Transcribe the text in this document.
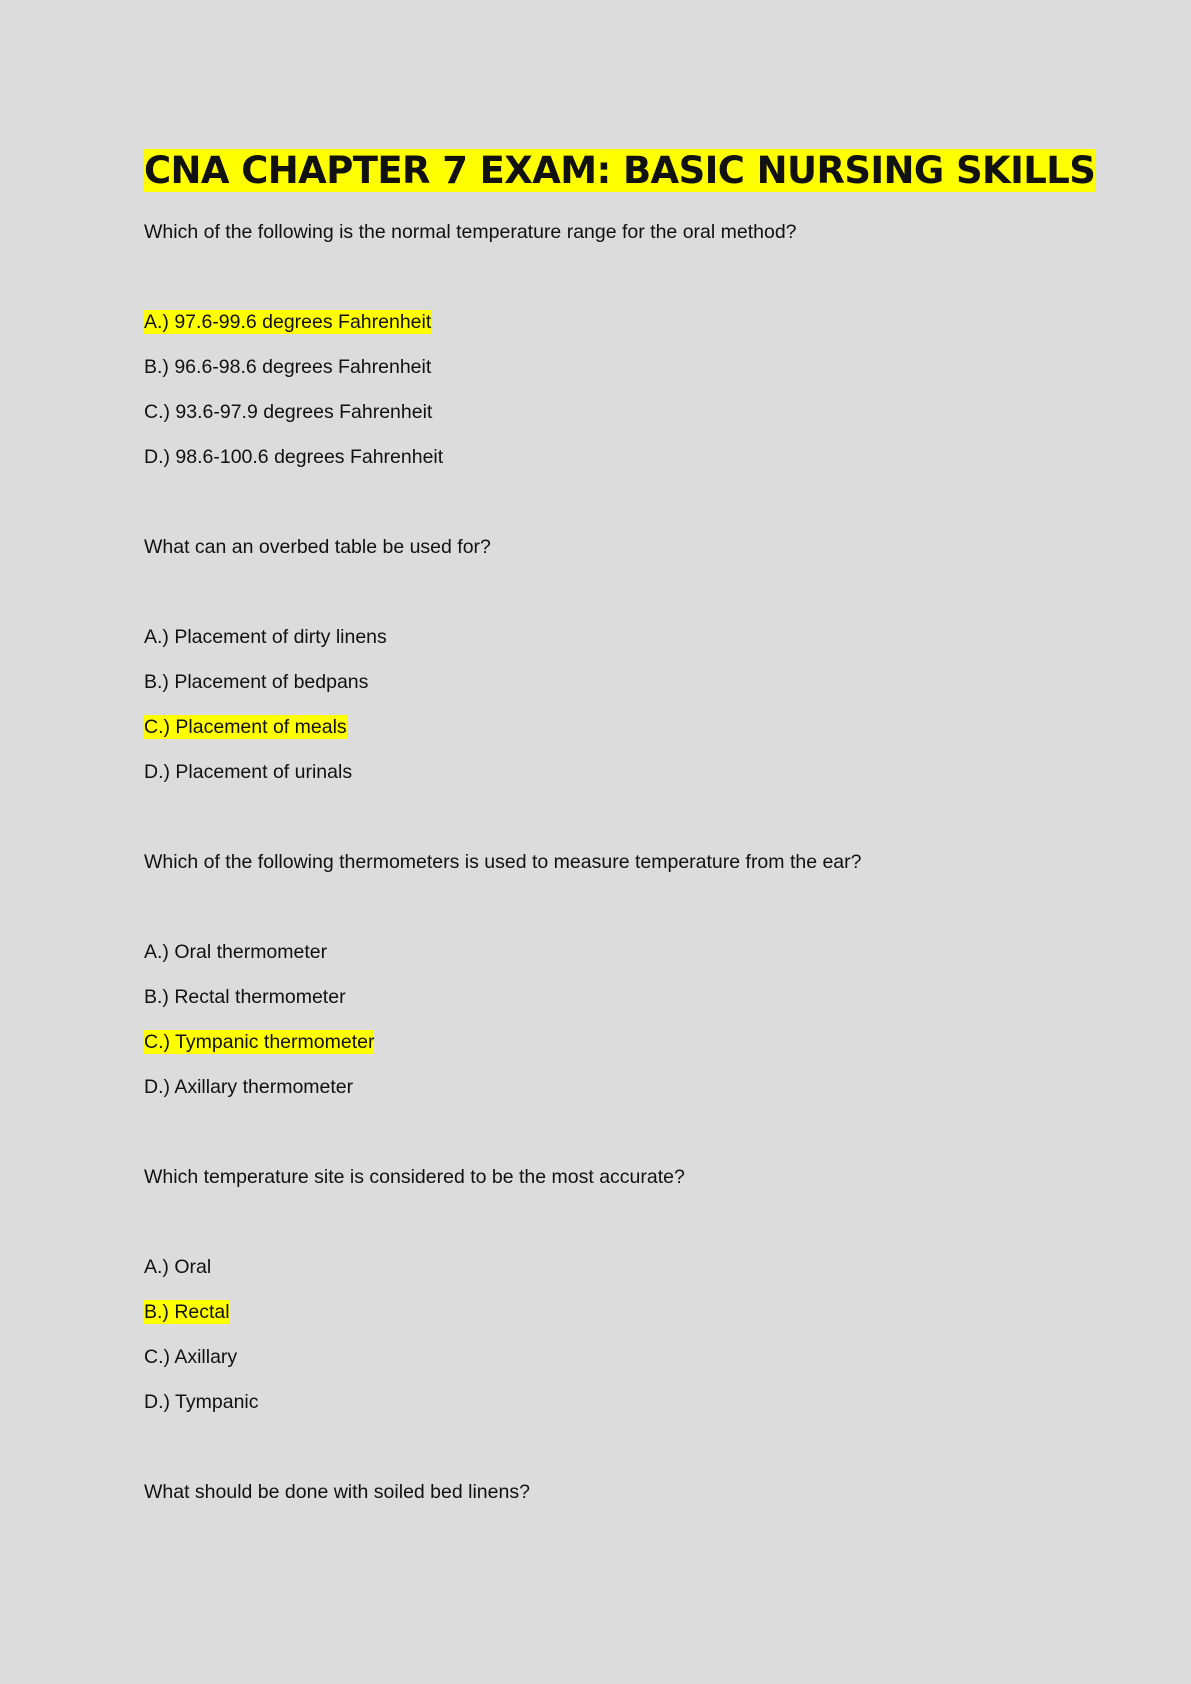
CNA CHAPTER 7 EXAM: BASIC NURSING SKILLS

Which of the following is the normal temperature range for the oral method?

A.) 97.6-99.6 degrees Fahrenheit

B.) 96.6-98.6 degrees Fahrenheit

C.) 93.6-97.9 degrees Fahrenheit

D.) 98.6-100.6 degrees Fahrenheit

What can an overbed table be used for?

A.) Placement of dirty linens

B.) Placement of bedpans

C.) Placement of meals

D.) Placement of urinals

Which of the following thermometers is used to measure temperature from the ear?

A.) Oral thermometer

B.) Rectal thermometer

C.) Tympanic thermometer

D.) Axillary thermometer

Which temperature site is considered to be the most accurate?

A.) Oral

B.) Rectal

C.) Axillary

D.) Tympanic

What should be done with soiled bed linens?
